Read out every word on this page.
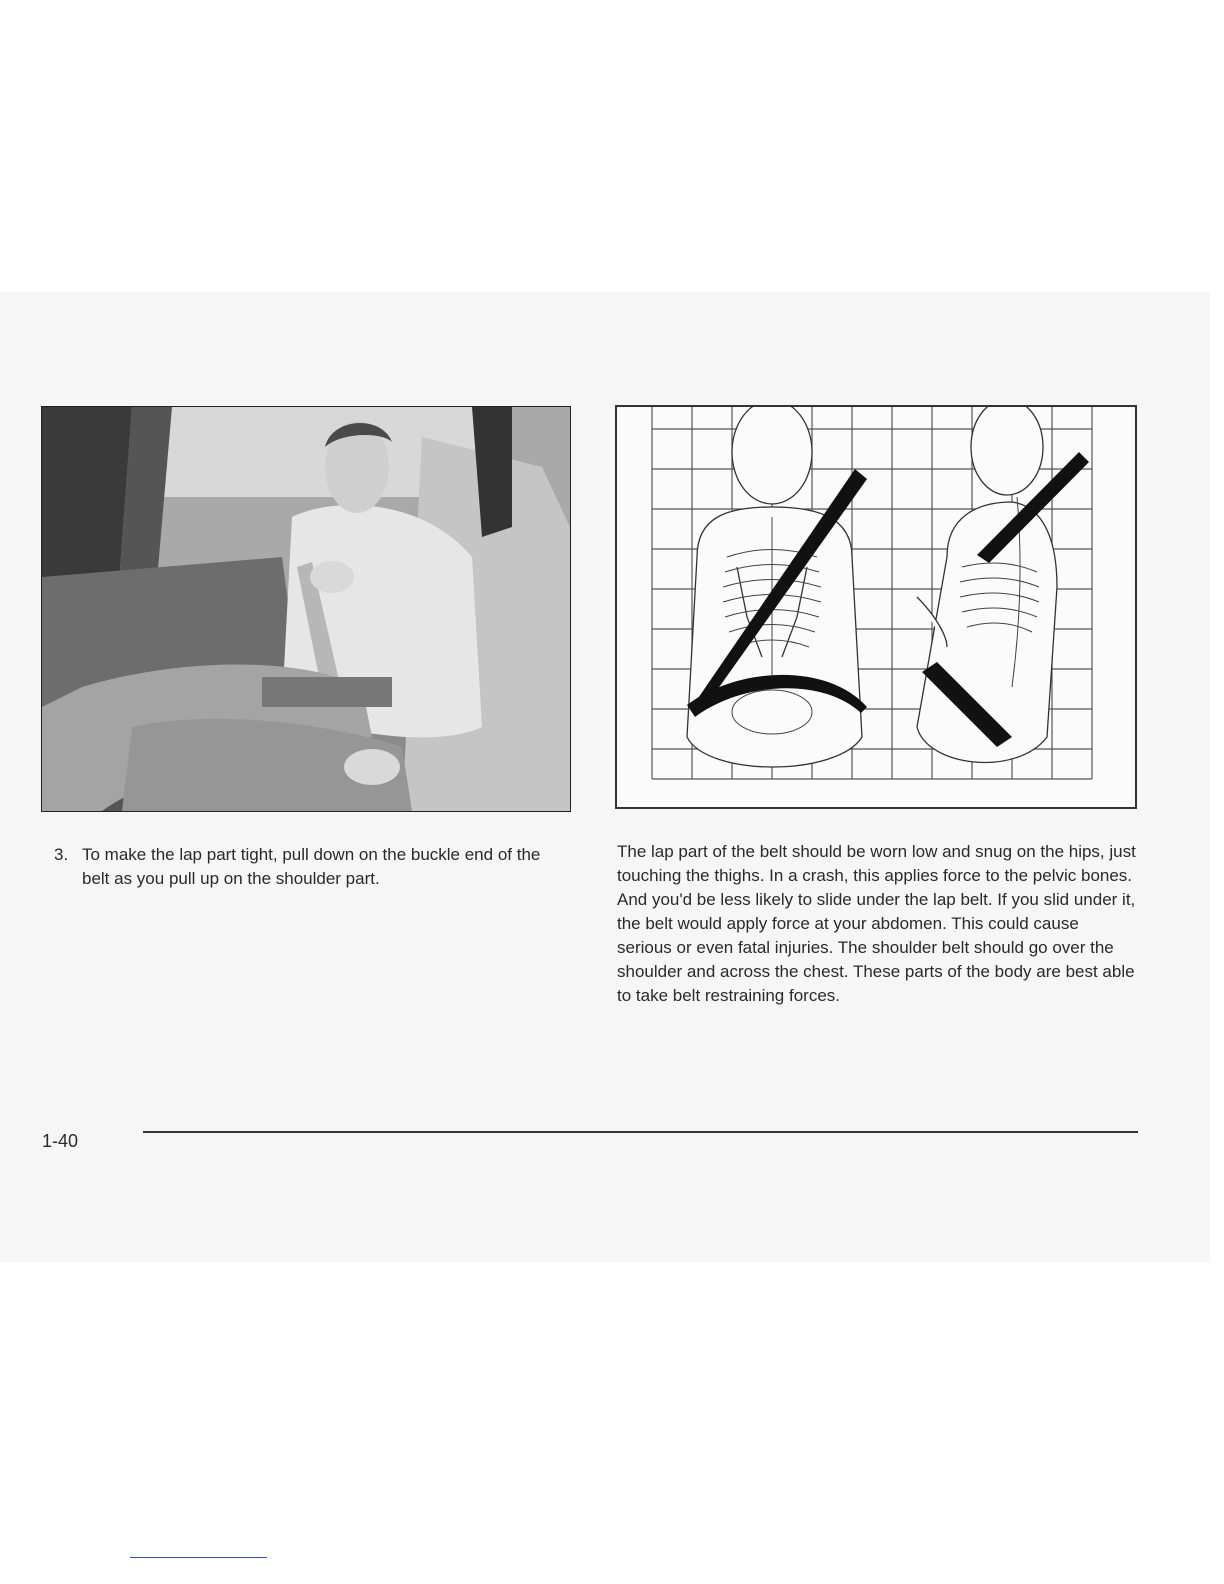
3. To make the lap part tight, pull down on the buckle end of the belt as you pull up on the shoulder part.
The lap part of the belt should be worn low and snug on the hips, just touching the thighs. In a crash, this applies force to the pelvic bones. And you'd be less likely to slide under the lap belt. If you slid under it, the belt would apply force at your abdomen. This could cause serious or even fatal injuries. The shoulder belt should go over the shoulder and across the chest. These parts of the body are best able to take belt restraining forces.
1-40
